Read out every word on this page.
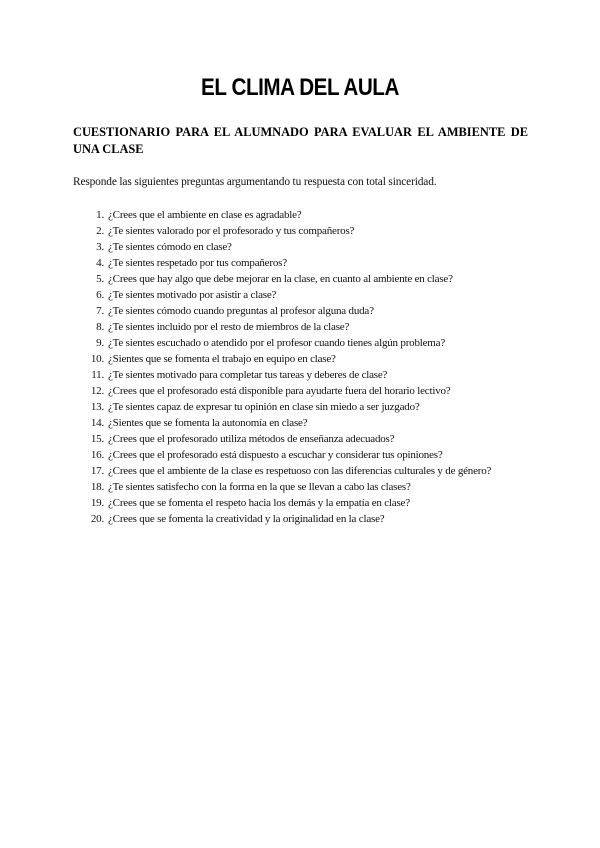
EL CLIMA DEL AULA
CUESTIONARIO PARA EL ALUMNADO PARA EVALUAR EL AMBIENTE DE UNA CLASE
Responde las siguientes preguntas argumentando tu respuesta con total sinceridad.
1. ¿Crees que el ambiente en clase es agradable?
2. ¿Te sientes valorado por el profesorado y tus compañeros?
3. ¿Te sientes cómodo en clase?
4. ¿Te sientes respetado por tus compañeros?
5. ¿Crees que hay algo que debe mejorar en la clase, en cuanto al ambiente en clase?
6. ¿Te sientes motivado por asistir a clase?
7. ¿Te sientes cómodo cuando preguntas al profesor alguna duda?
8. ¿Te sientes incluido por el resto de miembros de la clase?
9. ¿Te sientes escuchado o atendido por el profesor cuando tienes algún problema?
10. ¿Sientes que se fomenta el trabajo en equipo en clase?
11. ¿Te sientes motivado para completar tus tareas y deberes de clase?
12. ¿Crees que el profesorado está disponible para ayudarte fuera del horario lectivo?
13. ¿Te sientes capaz de expresar tu opinión en clase sin miedo a ser juzgado?
14. ¿Sientes que se fomenta la autonomía en clase?
15. ¿Crees que el profesorado utiliza métodos de enseñanza adecuados?
16. ¿Crees que el profesorado está dispuesto a escuchar y considerar tus opiniones?
17. ¿Crees que el ambiente de la clase es respetuoso con las diferencias culturales y de género?
18. ¿Te sientes satisfecho con la forma en la que se llevan a cabo las clases?
19. ¿Crees que se fomenta el respeto hacia los demás y la empatía en clase?
20. ¿Crees que se fomenta la creatividad y la originalidad en la clase?
